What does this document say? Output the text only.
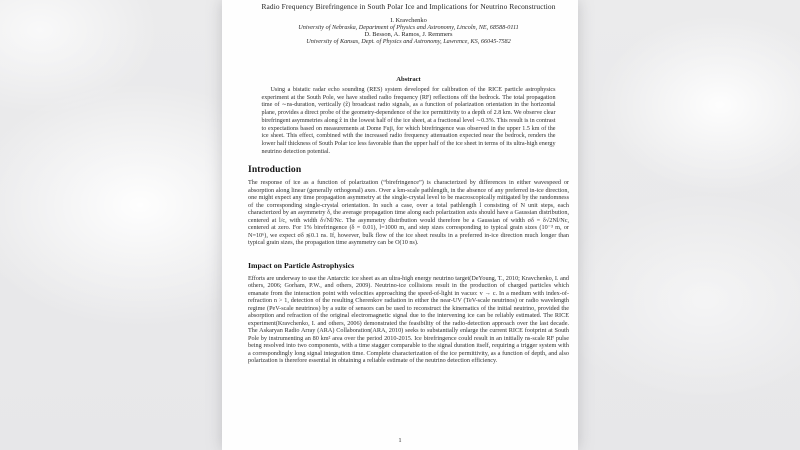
Radio Frequency Birefringence in South Polar Ice and Implications for Neutrino Reconstruction
I. Kravchenko
University of Nebraska, Department of Physics and Astronomy, Lincoln, NE, 68588-0111
D. Besson, A. Ramos, J. Remmers
University of Kansas, Dept. of Physics and Astronomy, Lawrence, KS, 66045-7582
Abstract
Using a bistatic radar echo sounding (RES) system developed for calibration of the RICE particle astrophysics experiment at the South Pole, we have studied radio frequency (RF) reflections off the bedrock. The total propagation time of ∼ns-duration, vertically (ẑ) broadcast radio signals, as a function of polarization orientation in the horizontal plane, provides a direct probe of the geometry-dependence of the ice permittivity to a depth of 2.8 km. We observe clear birefringent asymmetries along ẑ in the lowest half of the ice sheet, at a fractional level ∼0.3%. This result is in contrast to expectations based on measurements at Dome Fuji, for which birefringence was observed in the upper 1.5 km of the ice sheet. This effect, combined with the increased radio frequency attenuation expected near the bedrock, renders the lower half thickness of South Polar ice less favorable than the upper half of the ice sheet in terms of its ultra-high energy neutrino detection potential.
Introduction
The response of ice as a function of polarization (“birefringence”) is characterized by differences in either wavespeed or absorption along linear (generally orthogonal) axes. Over a km-scale pathlength, in the absence of any preferred in-ice direction, one might expect any time propagation asymmetry at the single-crystal level to be macroscopically mitigated by the randomness of the corresponding single-crystal orientation. In such a case, over a total pathlength l consisting of N unit steps, each characterized by an asymmetry δ, the average propagation time along each polarization axis should have a Gaussian distribution, centered at l/c, with width δ√Nl/Nc. The asymmetry distribution would therefore be a Gaussian of width σδ = δ√2Nl/Nc, centered at zero. For 1% birefringence (δ = 0.01), l=1000 m, and step sizes corresponding to typical grain sizes (10⁻³ m, or N=10⁶), we expect σδ ≲0.1 ns. If, however, bulk flow of the ice sheet results in a preferred in-ice direction much longer than typical grain sizes, the propagation time asymmetry can be O(10 ns).
Impact on Particle Astrophysics
Efforts are underway to use the Antarctic ice sheet as an ultra-high energy neutrino target(DeYoung, T., 2010; Kravchenko, I. and others, 2006; Gorham, P.W., and others, 2009). Neutrino-ice collisions result in the production of charged particles which emanate from the interaction point with velocities approaching the speed-of-light in vacuo: v → c. In a medium with index-of-refraction n > 1, detection of the resulting Cherenkov radiation in either the near-UV (TeV-scale neutrinos) or radio wavelength regime (PeV-scale neutrinos) by a suite of sensors can be used to reconstruct the kinematics of the initial neutrino, provided the absorption and refraction of the original electromagnetic signal due to the intervening ice can be reliably estimated. The RICE experiment(Kravchenko, I. and others, 2006) demonstrated the feasibility of the radio-detection approach over the last decade. The Askaryan Radio Array (ARA) Collaboration(ARA, 2010) seeks to substantially enlarge the current RICE footprint at South Pole by instrumenting an 80 km² area over the period 2010-2015. Ice birefringence could result in an initially ns-scale RF pulse being resolved into two components, with a time stagger comparable to the signal duration itself, requiring a trigger system with a correspondingly long signal integration time. Complete characterization of the ice permittivity, as a function of depth, and also polarization is therefore essential in obtaining a reliable estimate of the neutrino detection efficiency.
1
